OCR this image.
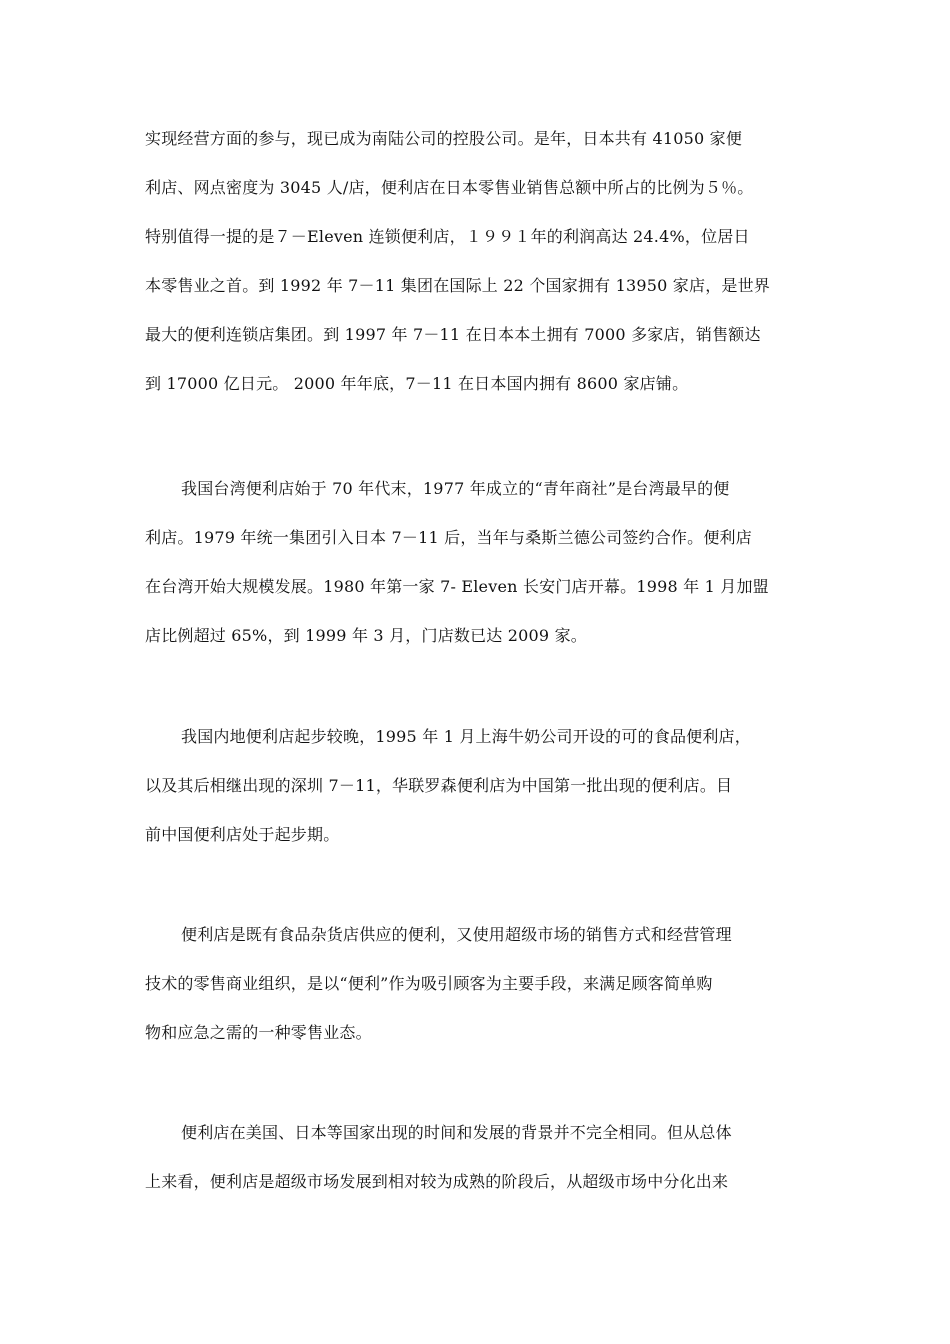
实现经营方面的参与，现已成为南陆公司的控股公司。是年，日本共有 41050 家便
利店、网点密度为 3045 人/店，便利店在日本零售业销售总额中所占的比例为５％。
特别值得一提的是７－Eleven 连锁便利店，１９９１年的利润高达 24.4%，位居日
本零售业之首。到 1992 年 7－11 集团在国际上 22 个国家拥有 13950 家店，是世界
最大的便利连锁店集团。到 1997 年 7－11 在日本本土拥有 7000 多家店，销售额达
到 17000 亿日元。 2000 年年底，7－11 在日本国内拥有 8600 家店铺。
我国台湾便利店始于 70 年代末，1977 年成立的“青年商社”是台湾最早的便
利店。1979 年统一集团引入日本 7－11 后，当年与桑斯兰德公司签约合作。便利店
在台湾开始大规模发展。1980 年第一家 7- Eleven 长安门店开幕。1998 年 1 月加盟
店比例超过 65%，到 1999 年 3 月，门店数已达 2009 家。
我国内地便利店起步较晚，1995 年 1 月上海牛奶公司开设的可的食品便利店，
以及其后相继出现的深圳 7－11，华联罗森便利店为中国第一批出现的便利店。目
前中国便利店处于起步期。
便利店是既有食品杂货店供应的便利，又使用超级市场的销售方式和经营管理
技术的零售商业组织，是以“便利”作为吸引顾客为主要手段，来满足顾客简单购
物和应急之需的一种零售业态。
便利店在美国、日本等国家出现的时间和发展的背景并不完全相同。但从总体
上来看，便利店是超级市场发展到相对较为成熟的阶段后，从超级市场中分化出来
